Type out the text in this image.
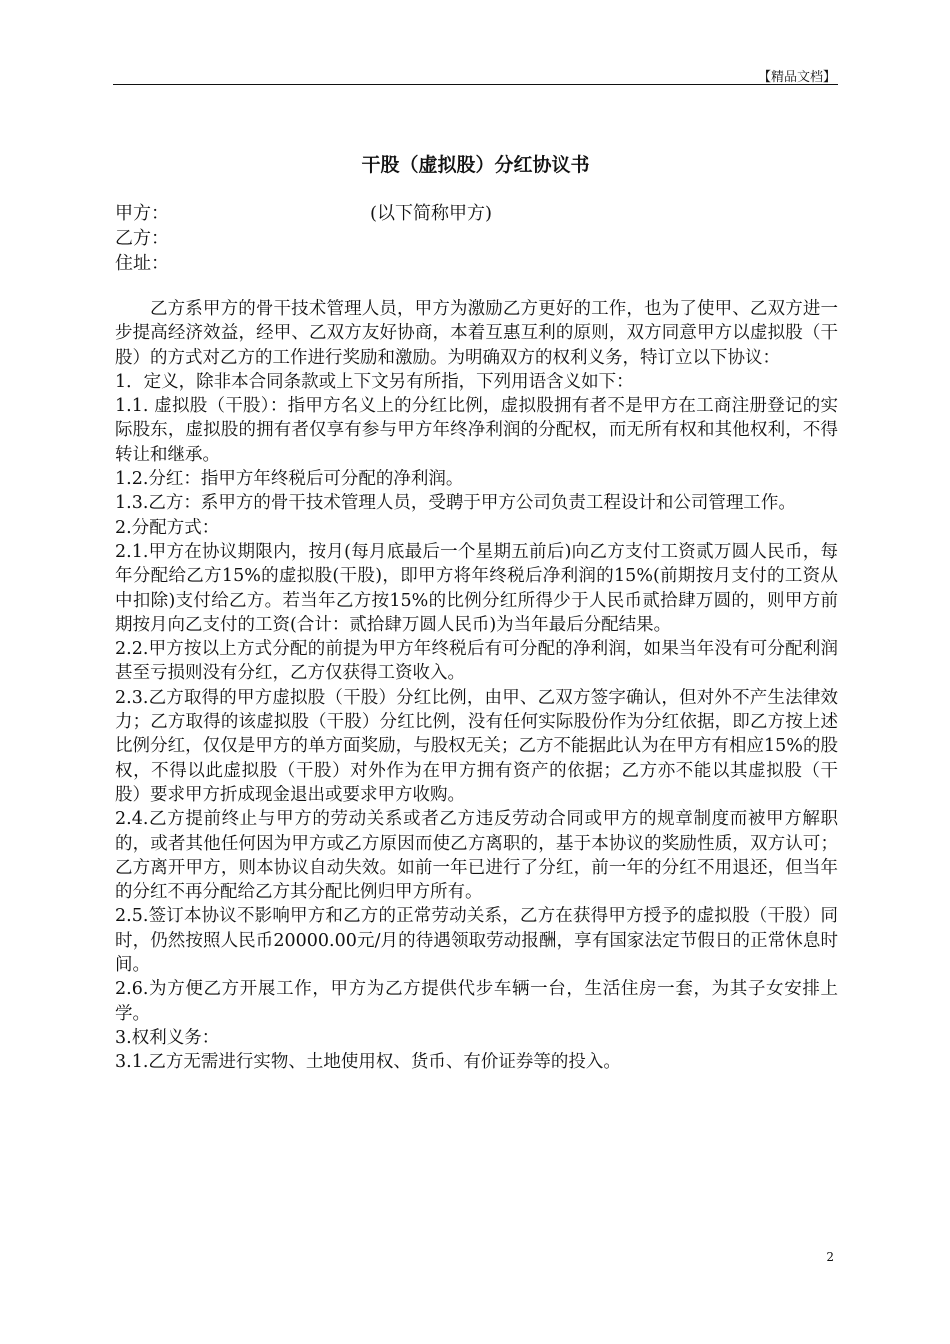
【精品文档】
干股（虚拟股）分红协议书
甲方：	(以下简称甲方)
乙方：
住址：

乙方系甲方的骨干技术管理人员，甲方为激励乙方更好的工作，也为了使甲、乙双方进一步提高经济效益，经甲、乙双方友好协商，本着互惠互利的原则，双方同意甲方以虚拟股（干股）的方式对乙方的工作进行奖励和激励。为明确双方的权利义务，特订立以下协议：

1．定义，除非本合同条款或上下文另有所指，下列用语含义如下：

1.1. 虚拟股（干股）：指甲方名义上的分红比例，虚拟股拥有者不是甲方在工商注册登记的实际股东，虚拟股的拥有者仅享有参与甲方年终净利润的分配权，而无所有权和其他权利，不得转让和继承。

1.2.分红：指甲方年终税后可分配的净利润。

1.3.乙方：系甲方的骨干技术管理人员，受聘于甲方公司负责工程设计和公司管理工作。

2.分配方式：

2.1.甲方在协议期限内，按月(每月底最后一个星期五前后)向乙方支付工资贰万圆人民币，每年分配给乙方15%的虚拟股(干股)，即甲方将年终税后净利润的15%(前期按月支付的工资从中扣除)支付给乙方。若当年乙方按15%的比例分红所得少于人民币贰拾肆万圆的，则甲方前期按月向乙支付的工资(合计：贰拾肆万圆人民币)为当年最后分配结果。

2.2.甲方按以上方式分配的前提为甲方年终税后有可分配的净利润，如果当年没有可分配利润甚至亏损则没有分红，乙方仅获得工资收入。

2.3.乙方取得的甲方虚拟股（干股）分红比例，由甲、乙双方签字确认，但对外不产生法律效力；乙方取得的该虚拟股（干股）分红比例，没有任何实际股份作为分红依据，即乙方按上述比例分红，仅仅是甲方的单方面奖励，与股权无关；乙方不能据此认为在甲方有相应15%的股权，不得以此虚拟股（干股）对外作为在甲方拥有资产的依据；乙方亦不能以其虚拟股（干股）要求甲方折成现金退出或要求甲方收购。

2.4.乙方提前终止与甲方的劳动关系或者乙方违反劳动合同或甲方的规章制度而被甲方解职的，或者其他任何因为甲方或乙方原因而使乙方离职的，基于本协议的奖励性质，双方认可；乙方离开甲方，则本协议自动失效。如前一年已进行了分红，前一年的分红不用退还，但当年的分红不再分配给乙方其分配比例归甲方所有。

2.5.签订本协议不影响甲方和乙方的正常劳动关系，乙方在获得甲方授予的虚拟股（干股）同时，仍然按照人民币20000.00元/月的待遇领取劳动报酬，享有国家法定节假日的正常休息时间。

2.6.为方便乙方开展工作，甲方为乙方提供代步车辆一台，生活住房一套，为其子女安排上学。

3.权利义务：

3.1.乙方无需进行实物、土地使用权、货币、有价证券等的投入。

2
